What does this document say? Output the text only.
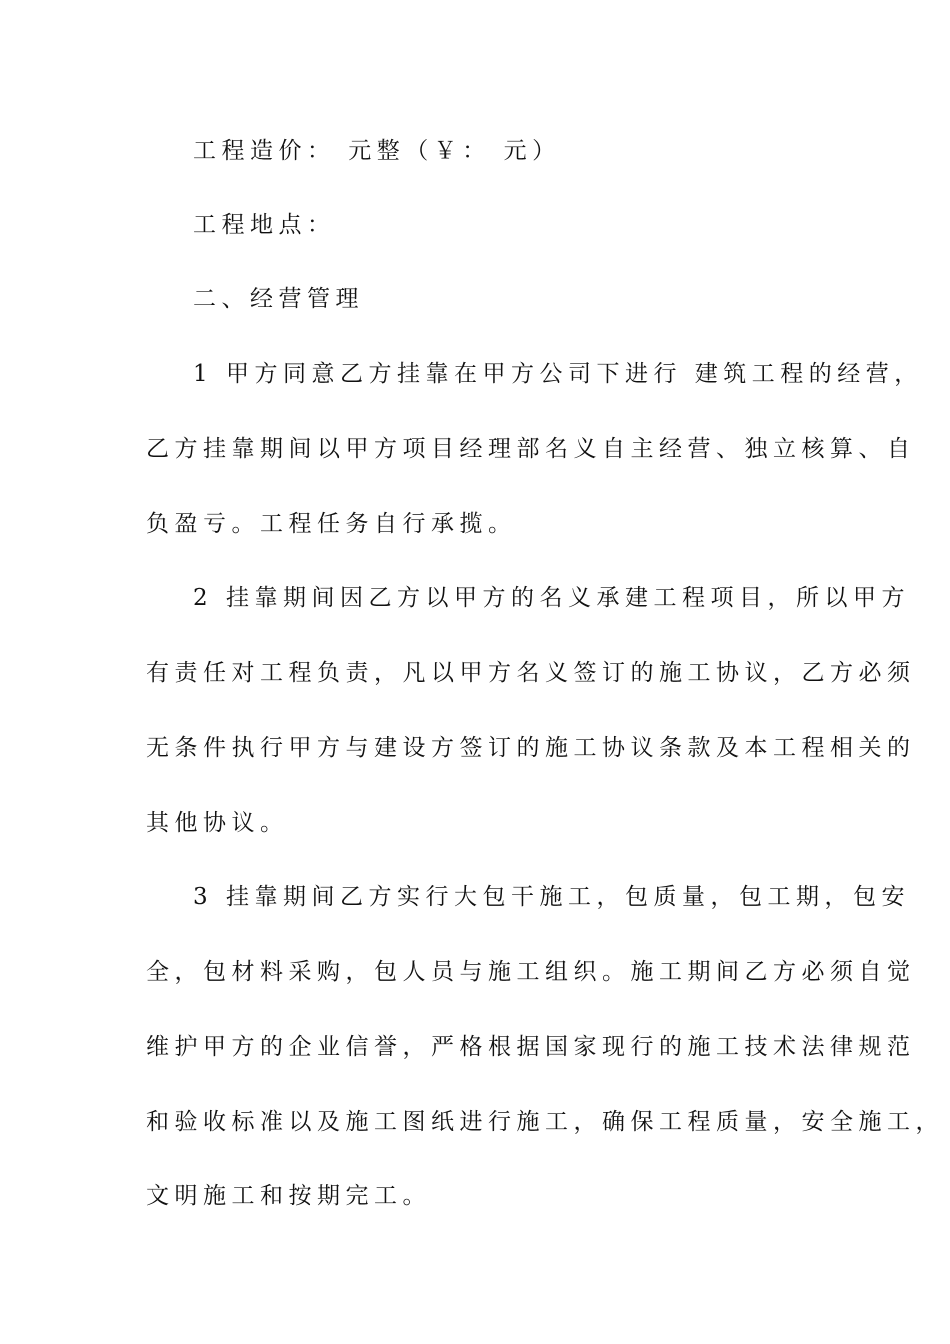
工程造价： 元整（￥： 元）
工程地点：
二、经营管理
1 甲方同意乙方挂靠在甲方公司下进行 建筑工程的经营，
乙方挂靠期间以甲方项目经理部名义自主经营、独立核算、自
负盈亏。工程任务自行承揽。
2 挂靠期间因乙方以甲方的名义承建工程项目，所以甲方
有责任对工程负责，凡以甲方名义签订的施工协议，乙方必须
无条件执行甲方与建设方签订的施工协议条款及本工程相关的
其他协议。
3 挂靠期间乙方实行大包干施工，包质量，包工期，包安
全，包材料采购，包人员与施工组织。施工期间乙方必须自觉
维护甲方的企业信誉，严格根据国家现行的施工技术法律规范
和验收标准以及施工图纸进行施工，确保工程质量，安全施工，
文明施工和按期完工。
